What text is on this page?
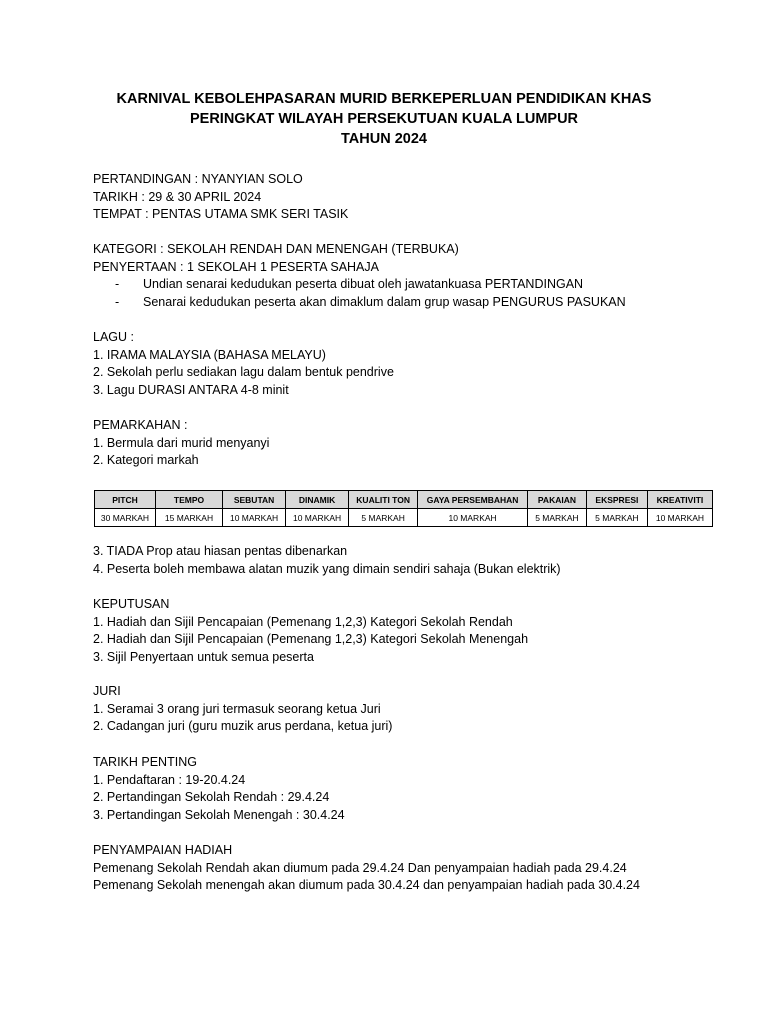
KARNIVAL KEBOLEHPASARAN MURID BERKEPERLUAN PENDIDIKAN KHAS
PERINGKAT WILAYAH PERSEKUTUAN KUALA LUMPUR
TAHUN 2024
PERTANDINGAN : NYANYIAN SOLO
TARIKH : 29 & 30 APRIL 2024
TEMPAT : PENTAS UTAMA SMK SERI TASIK
KATEGORI : SEKOLAH RENDAH DAN MENENGAH (TERBUKA)
PENYERTAAN : 1 SEKOLAH 1 PESERTA SAHAJA
-	Undian senarai kedudukan peserta dibuat oleh jawatankuasa PERTANDINGAN
-	Senarai kedudukan peserta akan dimaklum dalam grup wasap PENGURUS PASUKAN
LAGU :
1. IRAMA MALAYSIA (BAHASA MELAYU)
2. Sekolah perlu sediakan lagu dalam bentuk pendrive
3. Lagu DURASI ANTARA 4-8 minit
PEMARKAHAN :
1. Bermula dari murid menyanyi
2. Kategori markah
PITCH	TEMPO	SEBUTAN	DINAMIK	KUALITI TON	GAYA PERSEMBAHAN	PAKAIAN	EKSPRESI	KREATIVITI
30 MARKAH	15 MARKAH	10 MARKAH	10 MARKAH	5 MARKAH	10 MARKAH	5 MARKAH	5 MARKAH	10 MARKAH
3. TIADA Prop atau hiasan pentas dibenarkan
4. Peserta boleh membawa alatan muzik yang dimain sendiri sahaja (Bukan elektrik)
KEPUTUSAN
1. Hadiah dan Sijil Pencapaian (Pemenang 1,2,3) Kategori Sekolah Rendah
2. Hadiah dan Sijil Pencapaian (Pemenang 1,2,3) Kategori Sekolah Menengah
3. Sijil Penyertaan untuk semua peserta
JURI
1. Seramai 3 orang juri termasuk seorang ketua Juri
2. Cadangan juri (guru muzik arus perdana, ketua juri)
TARIKH PENTING
1. Pendaftaran : 19-20.4.24
2. Pertandingan Sekolah Rendah : 29.4.24
3. Pertandingan Sekolah Menengah : 30.4.24
PENYAMPAIAN HADIAH
Pemenang Sekolah Rendah akan diumum pada 29.4.24 Dan penyampaian hadiah pada 29.4.24
Pemenang Sekolah menengah akan diumum pada 30.4.24 dan penyampaian hadiah pada 30.4.24
